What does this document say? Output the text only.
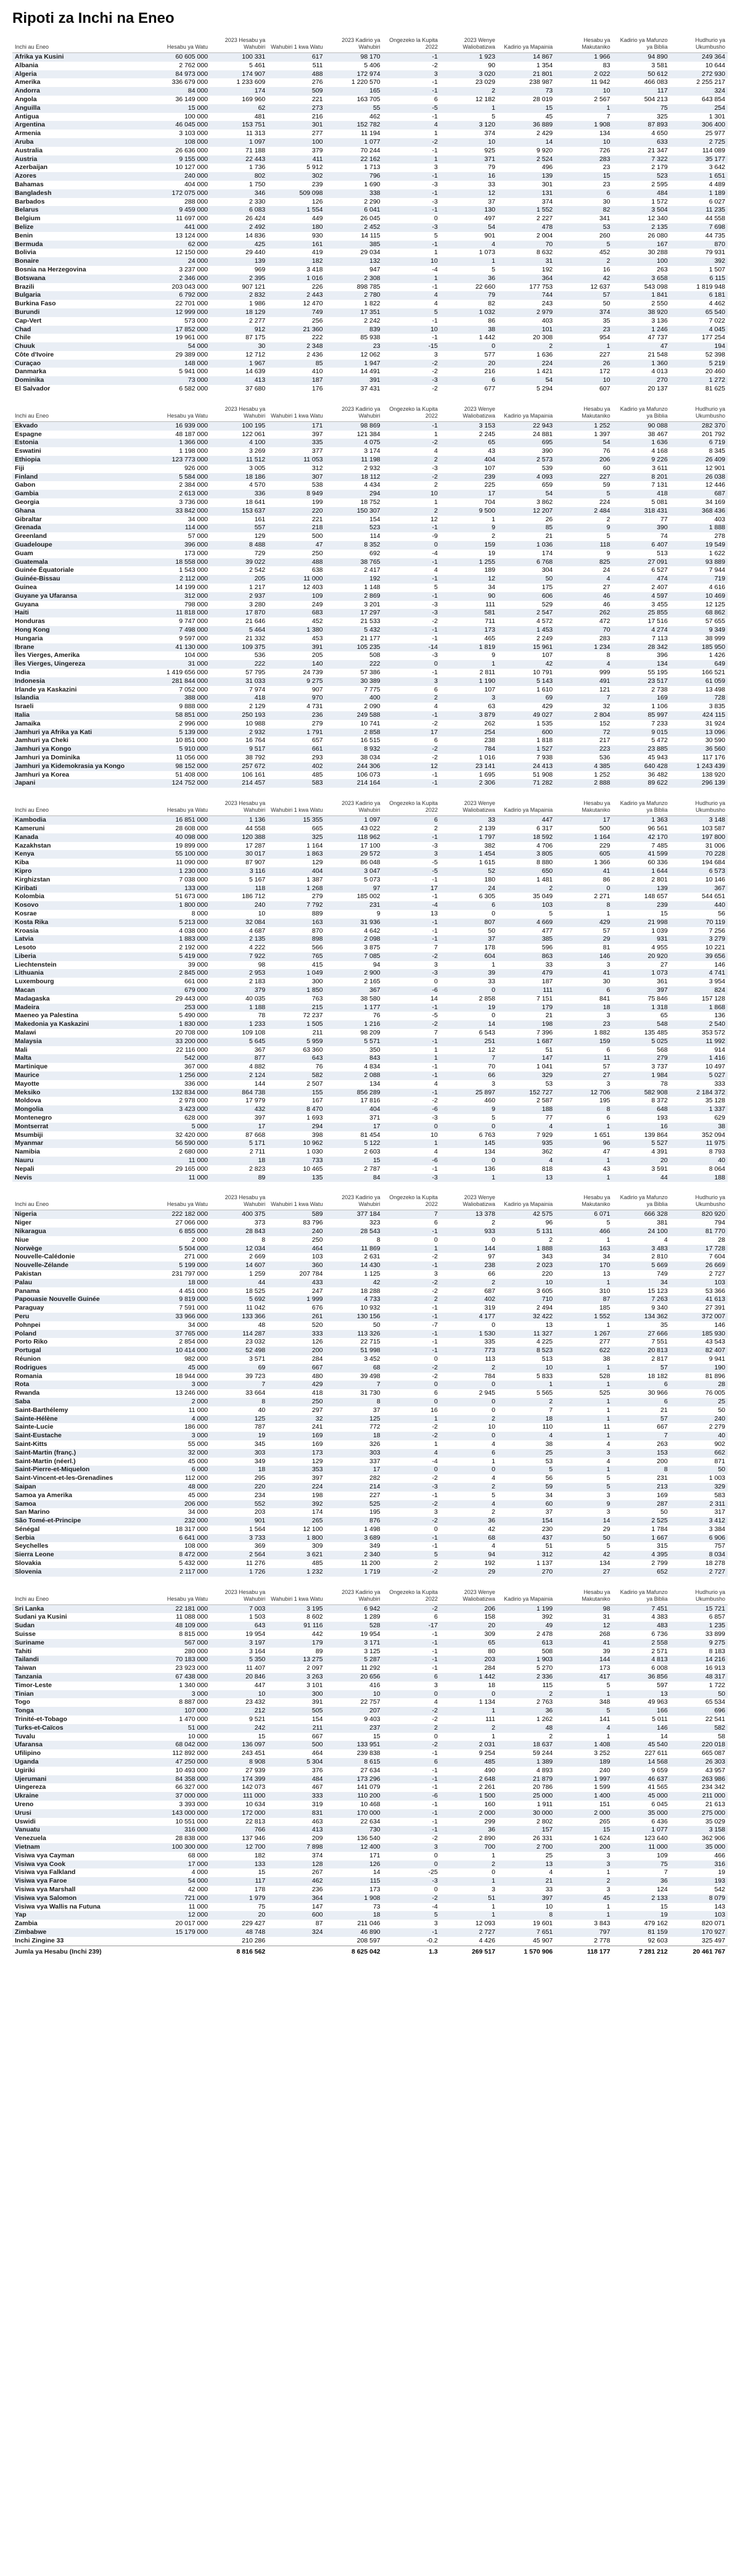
Ripoti za Inchi na Eneo
Inchi au Eneo	Hesabu ya Watu	2023 Hesabu ya Wahubiri	Wahubiri 1 kwa Watu	2023 Kadirio ya Wahubiri	Ongezeko la Kupita 2022	2023 Wenye Waliobatizwa	Kadirio ya Mapainia	Hesabu ya Makutaniko	Kadirio ya Mafunzo ya Biblia	Hudhurio ya Ukumbusho
Afrika ya Kusini	60 605 000	100 331	617	98 170	-1	1 923	14 867	1 966	94 890	249 364
Albania	2 762 000	5 461	511	5 406	-2	90	1 354	83	3 581	10 644
Algeria	84 973 000	174 907	488	172 974	3	3 020	21 801	2 022	50 612	272 930
Amerika	336 679 000	1 233 609	276	1 220 570	-1	23 029	238 987	11 942	466 083	2 255 217
Andorra	84 000	174	509	165	-1	2	73	10	117	324
Angola	36 149 000	169 960	221	163 705	6	12 182	28 019	2 567	504 213	643 854
Anguilla	15 000	62	273	55	-5	1	15	1	75	254
Antigua	100 000	481	216	462	-1	5	45	7	325	1 301
Argentina	46 045 000	153 751	301	152 782	4	3 120	36 889	1 908	87 893	306 400
Armenia	3 103 000	11 313	277	11 194	1	374	2 429	134	4 650	25 977
Aruba	108 000	1 097	100	1 077	-2	10	14	10	633	2 725
Australia	26 636 000	71 188	379	70 244	-1	925	9 920	726	21 347	114 089
Austria	9 155 000	22 443	411	22 162	1	371	2 524	283	7 322	35 177
Azerbaijan	10 127 000	1 736	5 912	1 713	3	79	496	23	2 179	3 642
Azores	240 000	802	302	796	-1	16	139	15	523	1 651
Bahamas	404 000	1 750	239	1 690	-3	33	301	23	2 595	4 489
Bangladesh	172 075 000	346	509 098	338	-1	12	131	6	484	1 189
Barbados	288 000	2 330	126	2 290	-3	37	374	30	1 572	6 027
Belarus	9 459 000	6 083	1 554	6 041	-1	130	1 552	82	3 504	11 235
Belgium	11 697 000	26 424	449	26 045	0	497	2 227	341	12 340	44 558
Belize	441 000	2 492	180	2 452	-3	54	478	53	2 135	7 698
Benin	13 124 000	14 836	930	14 115	5	901	2 004	260	26 080	44 735
Bermuda	62 000	425	161	385	-1	4	70	5	167	870
Bolivia	12 150 000	29 440	419	29 034	1	1 073	8 632	452	30 288	79 931
Bonaire	24 000	139	182	132	10	1	31	2	100	392
Bosnia na Herzegovina	3 237 000	969	3 418	947	-4	5	192	16	263	1 507
Botswana	2 346 000	2 395	1 016	2 308	1	36	364	42	3 658	6 115
Brazili	203 043 000	907 121	226	898 785	-1	22 660	177 753	12 637	543 098	1 819 948
Bulgaria	6 792 000	2 832	2 443	2 780	4	79	744	57	1 841	6 181
Burkina Faso	22 701 000	1 986	12 470	1 822	4	82	243	50	2 550	4 462
Burundi	12 999 000	18 129	749	17 351	5	1 032	2 979	374	38 920	65 540
Cap-Vert	573 000	2 277	256	2 242	-1	86	403	35	3 136	7 022
Chad	17 852 000	912	21 360	839	10	38	101	23	1 246	4 045
Chile	19 961 000	87 175	222	85 938	-1	1 442	20 308	954	47 737	177 254
Chuuk	54 000	30	2 348	23	-15	0	2	1	47	194
Côte d'Ivoire	29 389 000	12 712	2 436	12 062	3	577	1 636	227	21 548	52 398
Curaçao	148 000	1 967	85	1 947	-2	20	224	26	1 360	5 219
Danmarka	5 941 000	14 639	410	14 491	-2	216	1 421	172	4 013	20 460
Dominika	73 000	413	187	391	-3	6	54	10	270	1 272
El Salvador	6 582 000	37 680	176	37 431	-2	677	5 294	607	20 137	81 625
Inchi au Eneo	Hesabu ya Watu	2023 Hesabu ya Wahubiri	Wahubiri 1 kwa Watu	2023 Kadirio ya Wahubiri	Ongezeko la Kupita 2022	2023 Wenye Waliobatizwa	Kadirio ya Mapainia	Hesabu ya Makutaniko	Kadirio ya Mafunzo ya Biblia	Hudhurio ya Ukumbusho
Ekvado	16 939 000	100 195	171	98 869	-1	3 153	22 943	1 252	90 088	282 370
Espagne	48 187 000	122 061	397	121 384	1	2 245	24 881	1 397	38 467	201 792
Estonia	1 366 000	4 100	335	4 075	-2	65	695	54	1 636	6 719
Eswatini	1 198 000	3 269	377	3 174	4	43	390	76	4 168	8 345
Ethiopia	123 773 000	11 512	11 053	11 198	2	404	2 573	206	9 226	26 409
Fiji	926 000	3 005	312	2 932	-3	107	539	60	3 611	12 901
Finland	5 584 000	18 186	307	18 112	-2	239	4 093	227	8 201	26 038
Gabon	2 384 000	4 570	538	4 434	2	225	659	59	7 131	12 446
Gambia	2 613 000	336	8 949	294	10	17	54	5	418	687
Georgia	3 736 000	18 641	199	18 752	1	704	3 862	224	5 081	34 169
Ghana	33 842 000	153 637	220	150 307	2	9 500	12 207	2 484	318 431	368 436
Gibraltar	34 000	161	221	154	12	1	26	2	77	403
Grenada	114 000	557	218	523	-1	9	85	9	390	1 888
Greenland	57 000	129	500	114	-9	2	21	5	74	278
Guadeloupe	396 000	8 488	47	8 352	0	159	1 036	118	6 407	19 549
Guam	173 000	729	250	692	-4	19	174	9	513	1 622
Guatemala	18 558 000	39 022	488	38 765	-1	1 255	6 768	825	27 091	93 889
Guinée Équatoriale	1 543 000	2 542	638	2 417	4	189	304	24	6 527	7 944
Guinée-Bissau	2 112 000	205	11 000	192	-1	12	50	4	474	719
Guinea	14 199 000	1 217	12 403	1 148	5	34	175	27	2 407	4 616
Guyane ya Ufaransa	312 000	2 937	109	2 869	-1	90	606	46	4 597	10 469
Guyana	798 000	3 280	249	3 201	-3	111	529	46	3 455	12 125
Haiti	11 818 000	17 870	683	17 297	-3	581	2 547	262	25 855	68 862
Honduras	9 747 000	21 646	452	21 533	-2	711	4 572	472	17 516	57 655
Hong Kong	7 498 000	5 464	1 380	5 432	-1	173	1 453	70	4 274	9 349
Hungaria	9 597 000	21 332	453	21 177	-1	465	2 249	283	7 113	38 999
Ibrane	41 130 000	109 375	391	105 235	-14	1 819	15 961	1 234	28 342	185 950
Îles Vierges, Amerika	104 000	536	205	508	-3	9	107	8	396	1 426
Îles Vierges, Uingereza	31 000	222	140	222	0	1	42	4	134	649
India	1 419 656 000	57 795	24 739	57 386	-1	2 811	10 791	999	55 195	166 521
Indonesia	281 844 000	31 033	9 275	30 389	3	1 190	5 143	491	23 517	61 059
Irlande ya Kaskazini	7 052 000	7 974	907	7 775	6	107	1 610	121	2 738	13 498
Islandia	388 000	418	970	400	2	3	69	7	169	728
Israeli	9 888 000	2 129	4 731	2 090	4	63	429	32	1 106	3 835
Italia	58 851 000	250 193	236	249 588	-1	3 879	49 027	2 804	85 997	424 115
Jamaika	2 996 000	10 988	279	10 741	-2	262	1 535	152	7 233	31 924
Jamhuri ya Afrika ya Kati	5 139 000	2 932	1 791	2 858	17	254	600	72	9 015	13 096
Jamhuri ya Cheki	10 851 000	16 764	657	16 515	6	238	1 818	217	5 472	30 590
Jamhuri ya Kongo	5 910 000	9 517	661	8 932	-2	784	1 527	223	23 885	36 560
Jamhuri ya Dominika	11 056 000	38 792	293	38 034	-2	1 016	7 938	536	45 943	117 176
Jamhuri ya Kidemokrasia ya Kongo	98 152 000	257 672	402	244 306	12	23 141	24 413	4 385	640 428	1 243 439
Jamhuri ya Korea	51 408 000	106 161	485	106 073	-1	1 695	51 908	1 252	36 482	138 920
Japani	124 752 000	214 457	583	214 164	-1	2 306	71 282	2 888	89 622	296 139
Inchi au Eneo	Hesabu ya Watu	2023 Hesabu ya Wahubiri	Wahubiri 1 kwa Watu	2023 Kadirio ya Wahubiri	Ongezeko la Kupita 2022	2023 Wenye Waliobatizwa	Kadirio ya Mapainia	Hesabu ya Makutaniko	Kadirio ya Mafunzo ya Biblia	Hudhurio ya Ukumbusho
Kambodia	16 851 000	1 136	15 355	1 097	6	33	447	17	1 363	3 148
Kameruni	28 608 000	44 558	665	43 022	2	2 139	6 317	500	96 561	103 587
Kanada	40 098 000	120 388	325	118 962	-1	1 797	18 592	1 164	42 170	197 800
Kazakhstan	19 899 000	17 287	1 164	17 100	-3	382	4 706	229	7 485	31 006
Kenya	55 100 000	30 017	1 863	29 572	3	1 454	3 805	605	41 599	70 228
Kiba	11 090 000	87 907	129	86 048	-5	1 615	8 880	1 366	60 336	194 684
Kipro	1 230 000	3 116	404	3 047	-5	52	650	41	1 644	6 573
Kirghizstan	7 038 000	5 167	1 387	5 073	-1	180	1 481	86	2 801	10 146
Kiribati	133 000	118	1 268	97	17	24	2	0	139	367
Kolombia	51 673 000	186 712	279	185 002	-1	6 305	35 049	2 271	148 657	544 651
Kosovo	1 800 000	240	7 792	231	-4	6	103	8	239	440
Kosrae	8 000	10	889	9	13	0	5	1	15	56
Kosta Rika	5 213 000	32 084	163	31 936	-1	807	4 669	429	21 998	70 119
Kroasia	4 038 000	4 687	870	4 642	-1	50	477	57	1 039	7 256
Latvia	1 883 000	2 135	898	2 098	-1	37	385	29	931	3 279
Lesoto	2 192 000	4 222	566	3 875	7	178	596	81	4 955	10 221
Liberia	5 419 000	7 922	765	7 085	-2	604	863	146	20 920	39 656
Liechtenstein	39 000	98	415	94	3	1	33	3	27	146
Lithuania	2 845 000	2 953	1 049	2 900	-3	39	479	41	1 073	4 741
Luxembourg	661 000	2 183	300	2 165	0	33	187	30	361	3 954
Macan	679 000	379	1 850	367	-6	0	111	6	397	824
Madagaska	29 443 000	40 035	763	38 580	14	2 858	7 151	841	75 846	157 128
Madeira	253 000	1 188	215	1 177	-1	19	179	18	1 318	1 868
Maeneo ya Palestina	5 490 000	78	72 237	76	-5	0	21	3	65	136
Makedonia ya Kaskazini	1 830 000	1 233	1 505	1 216	-2	14	198	23	548	2 540
Malawi	20 708 000	109 108	211	98 209	7	6 543	7 396	1 882	135 485	353 572
Malaysia	33 200 000	5 645	5 959	5 571	-1	251	1 687	159	5 025	11 992
Mali	22 116 000	367	63 360	350	1	12	51	6	568	914
Malta	542 000	877	643	843	1	7	147	11	279	1 416
Martinique	367 000	4 882	76	4 834	-1	70	1 041	57	3 737	10 497
Maurice	1 256 000	2 124	582	2 088	-1	66	329	27	1 984	5 027
Mayotte	336 000	144	2 507	134	4	3	53	3	78	333
Meksiko	132 834 000	864 738	155	856 289	-1	25 897	152 727	12 706	582 908	2 184 372
Moldova	2 978 000	17 979	167	17 816	-2	460	2 587	195	8 372	35 128
Mongolia	3 423 000	432	8 470	404	-6	9	188	8	648	1 337
Montenegro	628 000	397	1 693	371	-3	5	77	6	193	629
Montserrat	5 000	17	294	17	0	0	4	1	16	38
Msumbiji	32 420 000	87 668	398	81 454	10	6 763	7 929	1 651	139 864	352 094
Myanmar	56 590 000	5 171	10 962	5 122	1	145	935	96	5 527	11 975
Namibia	2 680 000	2 711	1 030	2 603	4	134	362	47	4 391	8 793
Nauru	11 000	18	733	15	-6	0	4	1	20	40
Nepali	29 165 000	2 823	10 465	2 787	-1	136	818	43	3 591	8 064
Nevis	11 000	89	135	84	-3	1	13	1	44	188
Inchi au Eneo	Hesabu ya Watu	2023 Hesabu ya Wahubiri	Wahubiri 1 kwa Watu	2023 Kadirio ya Wahubiri	Ongezeko la Kupita 2022	2023 Wenye Waliobatizwa	Kadirio ya Mapainia	Hesabu ya Makutaniko	Kadirio ya Mafunzo ya Biblia	Hudhurio ya Ukumbusho
Nigeria	222 182 000	400 375	589	377 184	7	13 378	42 575	6 071	666 328	820 920
Niger	27 066 000	373	83 796	323	6	2	96	5	381	794
Nikaragua	6 855 000	28 843	240	28 543	-1	933	5 131	466	24 100	81 770
Niue	2 000	8	250	8	0	0	2	1	4	28
Norwège	5 504 000	12 034	464	11 869	1	144	1 888	163	3 483	17 728
Nouvelle-Calédonie	271 000	2 669	103	2 631	-2	97	343	34	2 810	7 604
Nouvelle-Zélande	5 199 000	14 607	360	14 430	-1	238	2 023	170	5 669	26 669
Pakistan	231 797 000	1 259	207 784	1 125	3	66	220	13	749	2 727
Palau	18 000	44	433	42	-2	2	10	1	34	103
Panama	4 451 000	18 525	247	18 288	-2	687	3 605	310	15 123	53 366
Papouasie Nouvelle Guinée	9 819 000	5 692	1 999	4 733	2	402	710	87	7 263	41 613
Paraguay	7 591 000	11 042	676	10 932	-1	319	2 494	185	9 340	27 391
Peru	33 966 000	133 366	261	130 156	-1	4 177	32 422	1 552	134 362	372 007
Pohnpei	34 000	48	520	50	-7	0	13	1	35	146
Poland	37 765 000	114 287	333	113 326	-1	1 530	11 327	1 267	27 666	185 930
Porto Riko	2 854 000	23 032	126	22 715	-1	335	4 225	277	7 551	43 543
Portugal	10 414 000	52 498	200	51 998	-1	773	8 523	622	20 813	82 407
Réunion	982 000	3 571	284	3 452	0	113	513	38	2 817	9 941
Rodrigues	45 000	69	667	68	-2	2	10	1	57	190
Romania	18 944 000	39 723	480	39 498	-2	784	5 833	528	18 182	81 896
Rota	3 000	7	429	7	0	0	1	1	6	28
Rwanda	13 246 000	33 664	418	31 730	6	2 945	5 565	525	30 966	76 005
Saba	2 000	8	250	8	0	0	2	1	6	25
Saint-Barthélemy	11 000	40	297	37	16	0	7	1	21	50
Sainte-Hélène	4 000	125	32	125	1	2	18	1	57	240
Sainte-Lucie	186 000	787	241	772	-2	10	110	11	667	2 279
Saint-Eustache	3 000	19	169	18	-2	0	4	1	7	40
Saint-Kitts	55 000	345	169	326	1	4	38	4	263	902
Saint-Martin (franç.)	32 000	303	173	303	4	6	25	3	153	662
Saint-Martin (néerl.)	45 000	349	129	337	-4	1	53	4	200	871
Saint-Pierre-et-Miquelon	6 000	18	353	17	0	0	5	1	8	50
Saint-Vincent-et-les-Grenadines	112 000	295	397	282	-2	4	56	5	231	1 003
Saipan	48 000	220	224	214	-3	2	59	5	213	329
Samoa ya Amerika	45 000	234	198	227	-1	5	34	3	169	583
Samoa	206 000	552	392	525	-2	4	60	9	287	2 311
San Marino	34 000	203	174	195	3	2	37	3	50	317
São Tomé-et-Principe	232 000	901	265	876	-2	36	154	14	2 525	3 412
Sénégal	18 317 000	1 564	12 100	1 498	0	42	230	29	1 784	3 384
Serbia	6 641 000	3 733	1 800	3 689	-1	68	437	50	1 667	6 906
Seychelles	108 000	369	309	349	-1	4	51	5	315	757
Sierra Leone	8 472 000	2 564	3 621	2 340	5	94	312	42	4 395	8 034
Slovakia	5 432 000	11 276	485	11 200	2	192	1 137	134	2 799	18 278
Slovenia	2 117 000	1 726	1 232	1 719	-2	29	270	27	652	2 727
Inchi au Eneo	Hesabu ya Watu	2023 Hesabu ya Wahubiri	Wahubiri 1 kwa Watu	2023 Kadirio ya Wahubiri	Ongezeko la Kupita 2022	2023 Wenye Waliobatizwa	Kadirio ya Mapainia	Hesabu ya Makutaniko	Kadirio ya Mafunzo ya Biblia	Hudhurio ya Ukumbusho
Sri Lanka	22 181 000	7 003	3 195	6 942	-2	206	1 199	98	7 451	15 721
Sudani ya Kusini	11 088 000	1 503	8 602	1 289	6	158	392	31	4 383	6 857
Sudan	48 109 000	643	91 116	528	-17	20	49	12	483	1 235
Suisse	8 815 000	19 954	442	19 954	-1	309	2 478	268	6 736	33 899
Suriname	567 000	3 197	179	3 171	-1	65	613	41	2 558	9 275
Tahiti	280 000	3 164	89	3 125	-1	80	508	39	2 571	8 183
Tailandi	70 183 000	5 350	13 275	5 287	-1	203	1 903	144	4 813	14 216
Taiwan	23 923 000	11 407	2 097	11 292	-1	284	5 270	173	6 008	16 913
Tanzania	67 438 000	20 846	3 263	20 656	6	1 442	2 336	417	36 856	48 317
Timor-Leste	1 340 000	447	3 101	416	3	18	115	5	597	1 722
Tinian	3 000	10	300	10	0	0	2	1	13	50
Togo	8 887 000	23 432	391	22 757	4	1 134	2 763	348	49 963	65 534
Tonga	107 000	212	505	207	-2	1	36	5	166	696
Trinité-et-Tobago	1 470 000	9 521	154	9 403	-2	111	1 262	141	5 011	22 541
Turks-et-Caïcos	51 000	242	211	237	2	2	48	4	146	582
Tuvalu	10 000	15	667	15	0	1	2	1	14	58
Ufaransa	68 042 000	136 097	500	133 951	-2	2 031	18 637	1 408	45 540	220 018
Ufilipino	112 892 000	243 451	464	239 838	-1	9 254	59 244	3 252	227 611	665 087
Uganda	47 250 000	8 908	5 304	8 615	6	485	1 389	189	14 568	26 303
Ugiriki	10 493 000	27 939	376	27 634	-1	490	4 893	240	9 659	43 957
Ujerumani	84 358 000	174 399	484	173 296	-1	2 648	21 879	1 997	46 637	263 986
Uingereza	66 327 000	142 073	467	141 079	-1	2 261	20 786	1 599	41 565	234 342
Ukraine	37 000 000	111 000	333	110 200	-6	1 500	25 000	1 400	45 000	211 000
Ureno	3 393 000	10 634	319	10 468	-1	160	1 911	151	6 045	21 613
Urusi	143 000 000	172 000	831	170 000	-1	2 000	30 000	2 000	35 000	275 000
Uswidi	10 551 000	22 813	463	22 634	-1	299	2 802	265	6 436	35 029
Vanuatu	316 000	766	413	730	-1	36	157	15	1 077	3 158
Venezuela	28 838 000	137 946	209	136 540	-2	2 890	26 331	1 624	123 640	362 906
Vietnam	100 300 000	12 700	7 898	12 400	3	700	2 700	200	11 000	35 000
Visiwa vya Cayman	68 000	182	374	171	0	1	25	3	109	466
Visiwa vya Cook	17 000	133	128	126	0	2	13	3	75	316
Visiwa vya Falkland	4 000	15	267	14	-25	0	4	1	7	19
Visiwa vya Faroe	54 000	117	462	115	-3	1	21	2	36	193
Visiwa vya Marshall	42 000	178	236	173	0	3	33	3	124	542
Visiwa vya Salomon	721 000	1 979	364	1 908	-2	51	397	45	2 133	8 079
Visiwa vya Wallis na Futuna	11 000	75	147	73	-4	1	10	1	15	143
Yap	12 000	20	600	18	5	1	8	1	19	103
Zambia	20 017 000	229 427	87	211 046	3	12 093	19 601	3 843	479 162	820 071
Zimbabwe	15 179 000	48 748	324	46 890	-1	2 727	7 651	797	81 159	170 927
Inchi Zingine 33		210 286		208 597	-0.2	4 426	45 907	2 778	92 603	325 497
Jumla ya Hesabu (Inchi 239)		8 816 562		8 625 042	1.3	269 517	1 570 906	118 177	7 281 212	20 461 767
